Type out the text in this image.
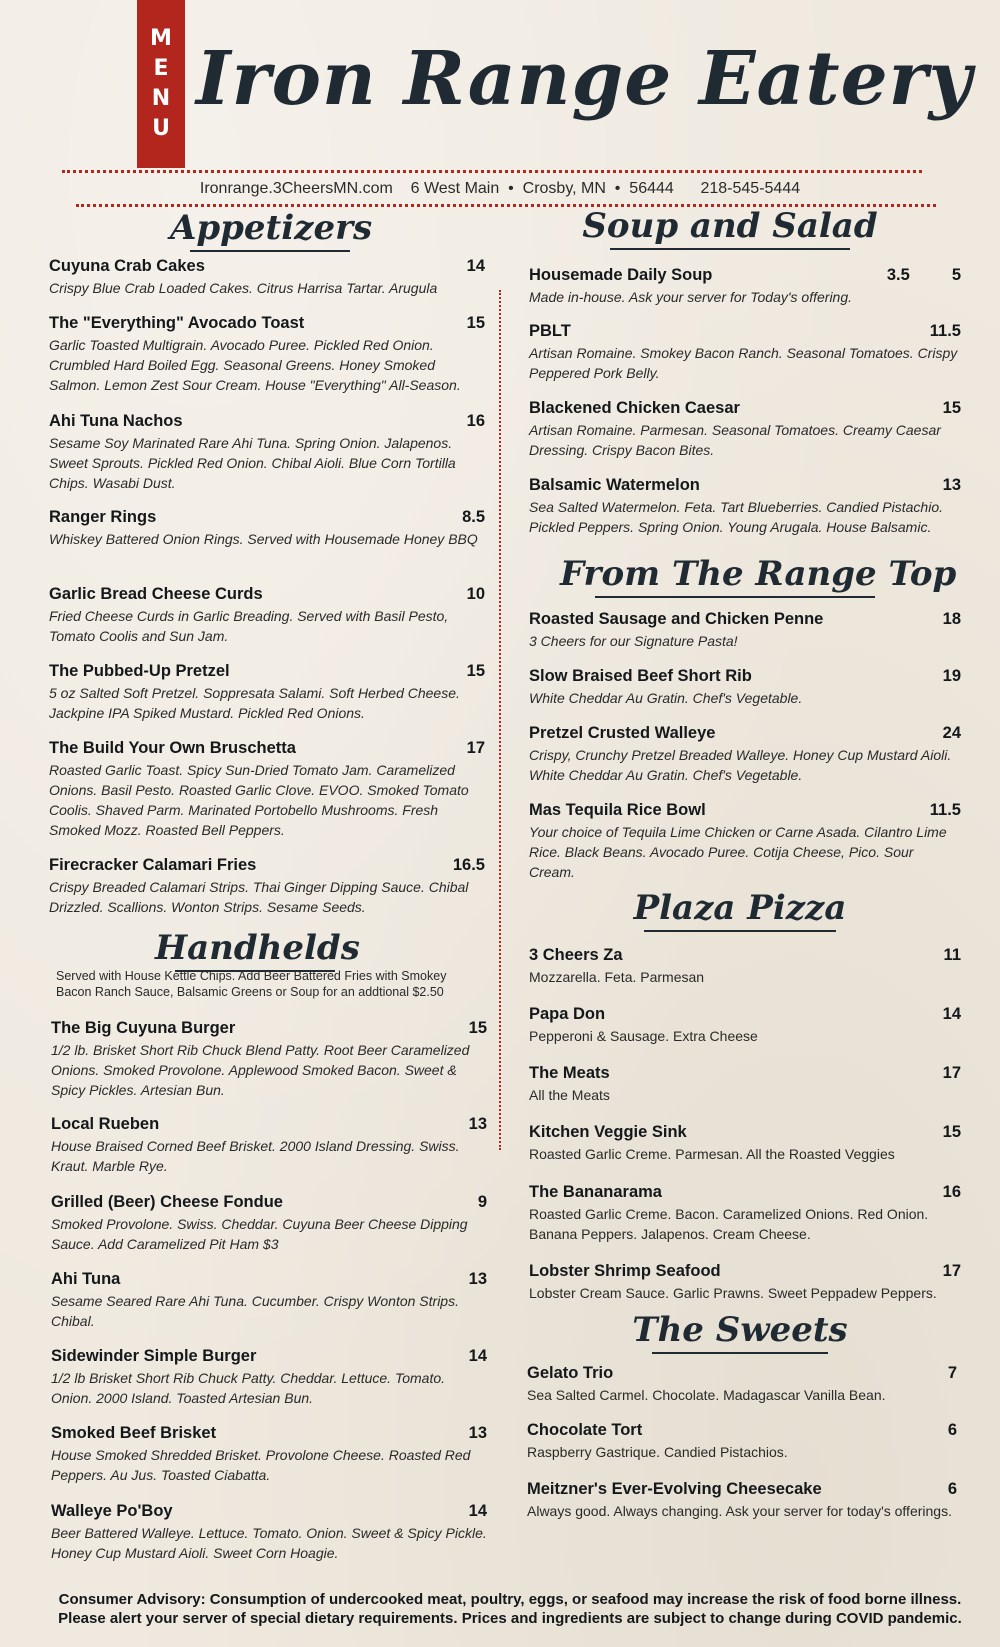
M
E
N
U
Iron Range Eatery
Ironrange.3CheersMN.com 6 West Main • Crosby, MN • 56444 218-545-5444
Appetizers	Soup and Salad
From The Range Top
Plaza Pizza
Handhelds
The Sweets
Served with House Kettle Chips. Add Beer Battered Fries with Smokey Bacon Ranch Sauce, Balsamic Greens or Soup for an addtional $2.50
Cuyuna Crab Cakes	14
Crispy Blue Crab Loaded Cakes. Citrus Harrisa Tartar. Arugula
The "Everything" Avocado Toast	15
Garlic Toasted Multigrain. Avocado Puree. Pickled Red Onion. Crumbled Hard Boiled Egg. Seasonal Greens. Honey Smoked Salmon. Lemon Zest Sour Cream. House "Everything" All-Season.
Ahi Tuna Nachos	16
Sesame Soy Marinated Rare Ahi Tuna. Spring Onion. Jalapenos. Sweet Sprouts. Pickled Red Onion. Chibal Aioli. Blue Corn Tortilla Chips. Wasabi Dust.
Ranger Rings	8.5
Whiskey Battered Onion Rings. Served with Housemade Honey BBQ
Garlic Bread Cheese Curds	10
Fried Cheese Curds in Garlic Breading. Served with Basil Pesto, Tomato Coolis and Sun Jam.
The Pubbed-Up Pretzel	15
5 oz Salted Soft Pretzel. Soppresata Salami. Soft Herbed Cheese. Jackpine IPA Spiked Mustard. Pickled Red Onions.
The Build Your Own Bruschetta	17
Roasted Garlic Toast. Spicy Sun-Dried Tomato Jam. Caramelized Onions. Basil Pesto. Roasted Garlic Clove. EVOO. Smoked Tomato Coolis. Shaved Parm. Marinated Portobello Mushrooms. Fresh Smoked Mozz. Roasted Bell Peppers.
Firecracker Calamari Fries	16.5
Crispy Breaded Calamari Strips. Thai Ginger Dipping Sauce. Chibal Drizzled. Scallions. Wonton Strips. Sesame Seeds.
The Big Cuyuna Burger	15
1/2 lb. Brisket Short Rib Chuck Blend Patty. Root Beer Caramelized Onions. Smoked Provolone. Applewood Smoked Bacon. Sweet & Spicy Pickles. Artesian Bun.
Local Rueben	13
House Braised Corned Beef Brisket. 2000 Island Dressing. Swiss. Kraut. Marble Rye.
Grilled (Beer) Cheese Fondue	9
Smoked Provolone. Swiss. Cheddar. Cuyuna Beer Cheese Dipping Sauce. Add Caramelized Pit Ham $3
Ahi Tuna	13
Sesame Seared Rare Ahi Tuna. Cucumber. Crispy Wonton Strips. Chibal.
Sidewinder Simple Burger	14
1/2 lb Brisket Short Rib Chuck Patty. Cheddar. Lettuce. Tomato. Onion. 2000 Island. Toasted Artesian Bun.
Smoked Beef Brisket	13
House Smoked Shredded Brisket. Provolone Cheese. Roasted Red Peppers. Au Jus. Toasted Ciabatta.
Walleye Po'Boy	14
Beer Battered Walleye. Lettuce. Tomato. Onion. Sweet & Spicy Pickle. Honey Cup Mustard Aioli. Sweet Corn Hoagie.
Housemade Daily Soup	3.5	5
Made in-house. Ask your server for Today's offering.
PBLT	11.5
Artisan Romaine. Smokey Bacon Ranch. Seasonal Tomatoes. Crispy Peppered Pork Belly.
Blackened Chicken Caesar	15
Artisan Romaine. Parmesan. Seasonal Tomatoes. Creamy Caesar Dressing. Crispy Bacon Bites.
Balsamic Watermelon	13
Sea Salted Watermelon. Feta. Tart Blueberries. Candied Pistachio. Pickled Peppers. Spring Onion. Young Arugala. House Balsamic.
Roasted Sausage and Chicken Penne	18
3 Cheers for our Signature Pasta!
Slow Braised Beef Short Rib	19
White Cheddar Au Gratin. Chef's Vegetable.
Pretzel Crusted Walleye	24
Crispy, Crunchy Pretzel Breaded Walleye. Honey Cup Mustard Aioli. White Cheddar Au Gratin. Chef's Vegetable.
Mas Tequila Rice Bowl	11.5
Your choice of Tequila Lime Chicken or Carne Asada. Cilantro Lime Rice. Black Beans. Avocado Puree. Cotija Cheese, Pico. Sour Cream.
3 Cheers Za	11
Mozzarella. Feta. Parmesan
Papa Don	14
Pepperoni & Sausage. Extra Cheese
The Meats	17
All the Meats
Kitchen Veggie Sink	15
Roasted Garlic Creme. Parmesan. All the Roasted Veggies
The Bananarama	16
Roasted Garlic Creme. Bacon. Caramelized Onions. Red Onion. Banana Peppers. Jalapenos. Cream Cheese.
Lobster Shrimp Seafood	17
Lobster Cream Sauce. Garlic Prawns. Sweet Peppadew Peppers.
Gelato Trio	7
Sea Salted Carmel. Chocolate. Madagascar Vanilla Bean.
Chocolate Tort	6
Raspberry Gastrique. Candied Pistachios.
Meitzner's Ever-Evolving Cheesecake	6
Always good. Always changing. Ask your server for today's offerings.
Consumer Advisory: Consumption of undercooked meat, poultry, eggs, or seafood may increase the risk of food borne illness. Please alert your server of special dietary requirements. Prices and ingredients are subject to change during COVID pandemic.
